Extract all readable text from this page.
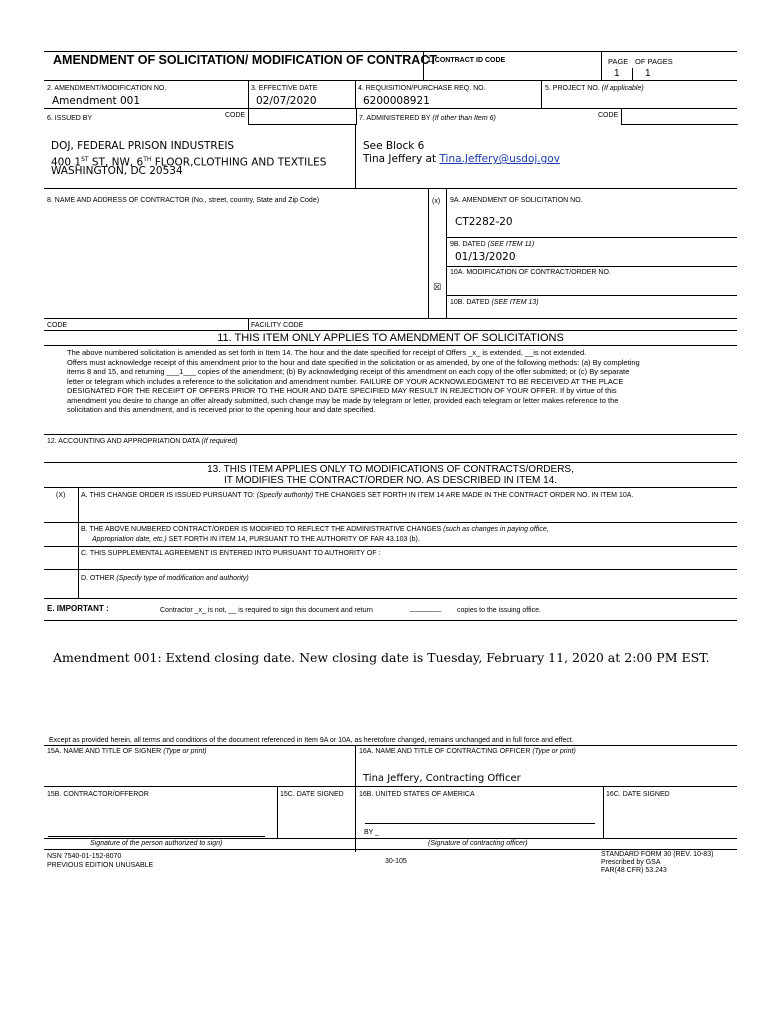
AMENDMENT OF SOLICITATION/ MODIFICATION OF CONTRACT
1. CONTRACT ID CODE	PAGE OF PAGES
1	1
2. AMENDMENT/MODIFICATION NO.
Amendment 001
3. EFFECTIVE DATE
02/07/2020
4. REQUISITION/PURCHASE REQ. NO.
6200008921
5. PROJECT NO. (If applicable)
6. ISSUED BY	CODE	7. ADMINISTERED BY (If other than Item 6)	CODE
DOJ, FEDERAL PRISON INDUSTREIS
400 1ST ST, NW, 6TH FLOOR,CLOTHING AND TEXTILES
WASHINGTON, DC 20534
See Block 6
Tina Jeffery at Tina.Jeffery@usdoj.gov
8. NAME AND ADDRESS OF CONTRACTOR (No., street, country, State and Zip Code)	(x) 9A. AMENDMENT OF SOLICITATION NO.
CT2282-20
9B. DATED (SEE ITEM 11)
01/13/2020
10A. MODIFICATION OF CONTRACT/ORDER NO.
☒
10B. DATED (SEE ITEM 13)
CODE	FACILITY CODE
11. THIS ITEM ONLY APPLIES TO AMENDMENT OF SOLICITATIONS
The above numbered solicitation is amended as set forth in Item 14. The hour and the date specified for receipt of Offers _x_ is extended, __is not extended.
Offers must acknowledge receipt of this amendment prior to the hour and date specified in the solicitation or as amended, by one of the following methods: (a) By completing
items 8 and 15, and returning ___1___ copies of the amendment; (b) By acknowledging receipt of this amendment on each copy of the offer submitted; or (c) By separate
letter or telegram which includes a reference to the solicitation and amendment number. FAILURE OF YOUR ACKNOWLEDGMENT TO BE RECEIVED AT THE PLACE
DESIGNATED FOR THE RECEIPT OF OFFERS PRIOR TO THE HOUR AND DATE SPECIFIED MAY RESULT IN REJECTION OF YOUR OFFER. If by virtue of this
amendment you desire to change an offer already submitted, such change may be made by telegram or letter, provided each telegram or letter makes reference to the
solicitation and this amendment, and is received prior to the opening hour and date specified.
12. ACCOUNTING AND APPROPRIATION DATA (If required)
13. THIS ITEM APPLIES ONLY TO MODIFICATIONS OF CONTRACTS/ORDERS,
IT MODIFIES THE CONTRACT/ORDER NO. AS DESCRIBED IN ITEM 14.
(X) A. THIS CHANGE ORDER IS ISSUED PURSUANT TO: (Specify authority) THE CHANGES SET FORTH IN ITEM 14 ARE MADE IN THE CONTRACT ORDER NO. IN ITEM 10A.
B. THE ABOVE NUMBERED CONTRACT/ORDER IS MODIFIED TO REFLECT THE ADMINISTRATIVE CHANGES (such as changes in paying office,
Appropriation date, etc.) SET FORTH IN ITEM 14, PURSUANT TO THE AUTHORITY OF FAR 43.103 (b).
C. THIS SUPPLEMENTAL AGREEMENT IS ENTERED INTO PURSUANT TO AUTHORITY OF :
D. OTHER (Specify type of modification and authority)
E. IMPORTANT :	Contractor _x_ is not, __ is required to sign this document and return	________ copies to the issuing office.
Amendment 001: Extend closing date. New closing date is Tuesday, February 11, 2020 at 2:00 PM EST.
Except as provided herein, all terms and conditions of the document referenced in Item 9A or 10A, as heretofore changed, remains unchanged and in full force and effect.
15A. NAME AND TITLE OF SIGNER (Type or print)	16A. NAME AND TITLE OF CONTRACTING OFFICER (Type or print)
Tina Jeffery, Contracting Officer
15B. CONTRACTOR/OFFEROR	15C. DATE SIGNED 16B. UNITED STATES OF AMERICA	16C. DATE SIGNED
BY _
Signature of the person authorized to sign)	(Signature of contracting officer)
NSN 7540-01-152-8070
PREVIOUS EDITION UNUSABLE
30-105
STANDARD FORM 30 (REV. 10-83)
Prescribed by GSA
FAR(48 CFR) 53.243
